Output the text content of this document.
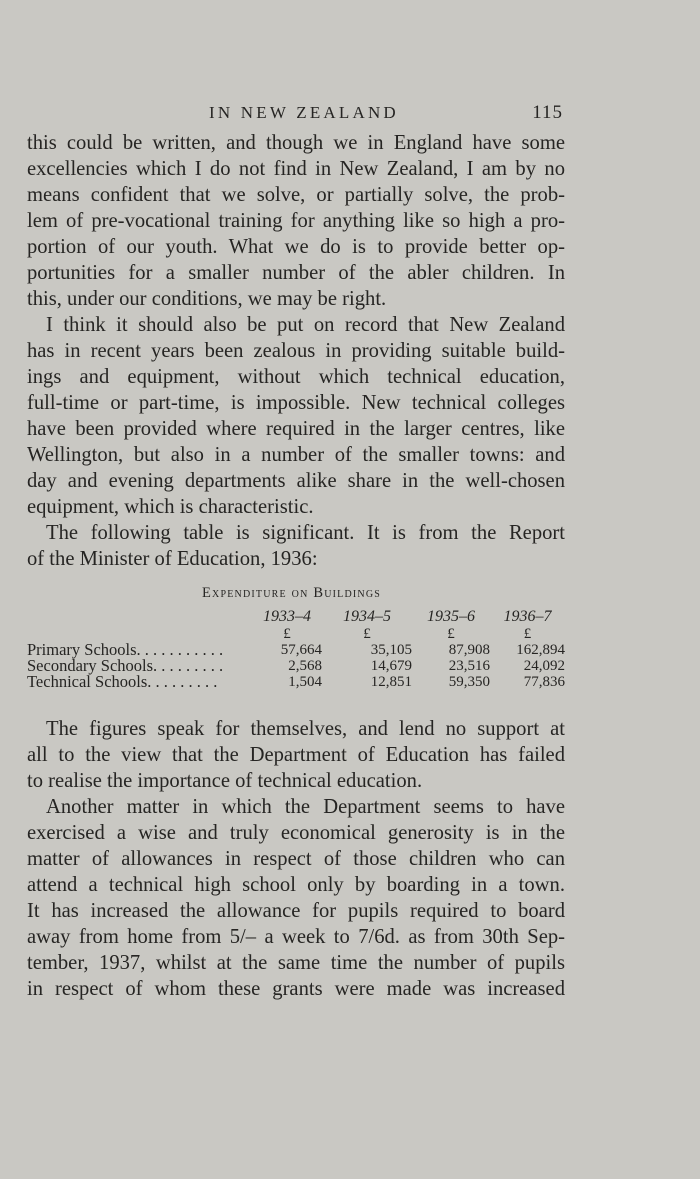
IN NEW ZEALAND	115

this could be written, and though we in England have some
excellencies which I do not find in New Zealand, I am by no
means confident that we solve, or partially solve, the prob-
lem of pre-vocational training for anything like so high a pro-
portion of our youth. What we do is to provide better op-
portunities for a smaller number of the abler children. In
this, under our conditions, we may be right.

I think it should also be put on record that New Zealand
has in recent years been zealous in providing suitable build-
ings and equipment, without which technical education,
full-time or part-time, is impossible. New technical colleges
have been provided where required in the larger centres, like
Wellington, but also in a number of the smaller towns: and
day and evening departments alike share in the well-chosen
equipment, which is characteristic.

The following table is significant. It is from the Report
of the Minister of Education, 1936:

Expenditure on Buildings
	1933–4	1934–5	1935–6	1936–7
	£	£	£	£
Primary Schools. . . . . . . . . . .	57,664	35,105	87,908	162,894
Secondary Schools. . . . . . . . .	2,568	14,679	23,516	24,092
Technical Schools. . . . . . . . .	1,504	12,851	59,350	77,836

The figures speak for themselves, and lend no support at
all to the view that the Department of Education has failed
to realise the importance of technical education.

Another matter in which the Department seems to have
exercised a wise and truly economical generosity is in the
matter of allowances in respect of those children who can
attend a technical high school only by boarding in a town.
It has increased the allowance for pupils required to board
away from home from 5/– a week to 7/6d. as from 30th Sep-
tember, 1937, whilst at the same time the number of pupils
in respect of whom these grants were made was increased
